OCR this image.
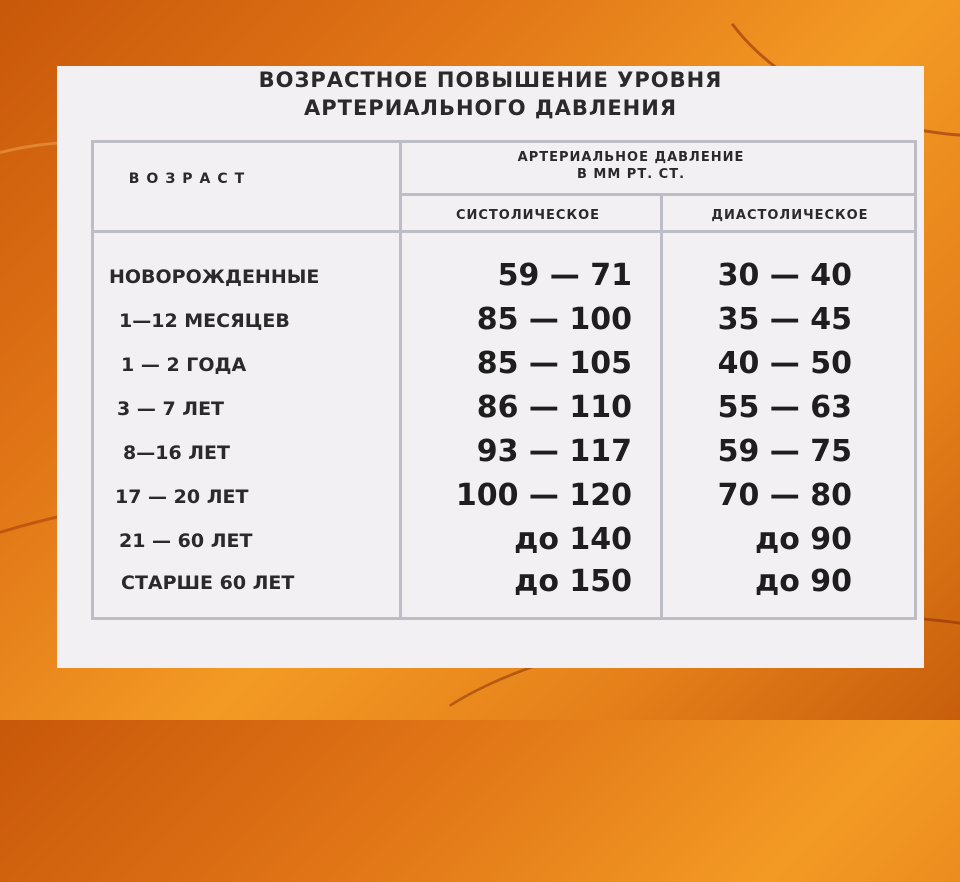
ВОЗРАСТНОЕ ПОВЫШЕНИЕ УРОВНЯ
АРТЕРИАЛЬНОГО ДАВЛЕНИЯ
ВОЗРАСТ
АРТЕРИАЛЬНОЕ ДАВЛЕНИЕ
В ММ РТ. СТ.
СИСТОЛИЧЕСКОЕ	ДИАСТОЛИЧЕСКОЕ
НОВОРОЖДЕННЫЕ	59 — 71	30 — 40
1—12 МЕСЯЦЕВ	85 — 100	35 — 45
1 — 2 ГОДА	85 — 105	40 — 50
3 — 7 ЛЕТ	86 — 110	55 — 63
8—16 ЛЕТ	93 — 117	59 — 75
17 — 20 ЛЕТ	100 — 120	70 — 80
21 — 60 ЛЕТ	до 140	до 90
СТАРШЕ 60 ЛЕТ	до 150	до 90
